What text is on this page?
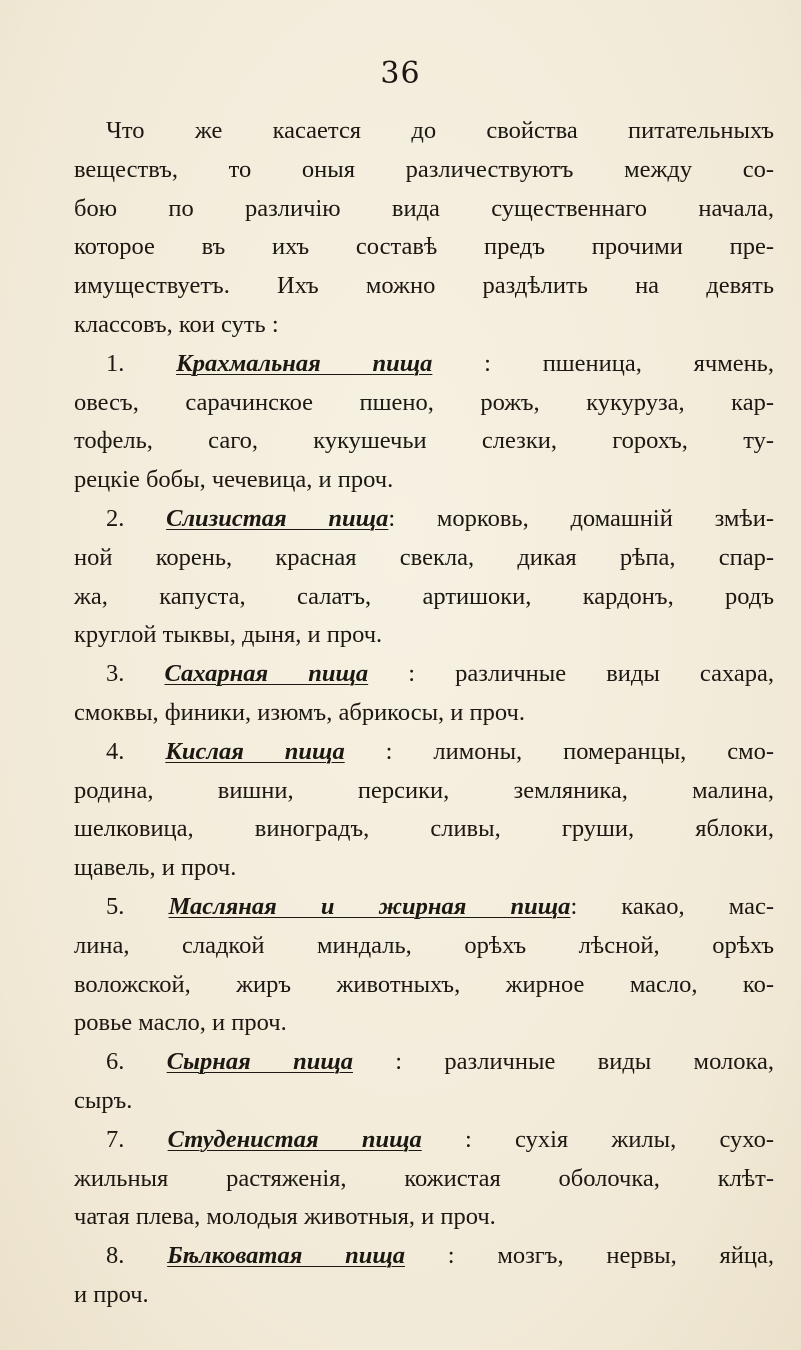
36
Что же касается до свойства питательныхъ
веществъ, то оныя различествуютъ между со-
бою по различiю вида существеннаго начала,
которое въ ихъ составѣ предъ прочими пре-
имуществуетъ. Ихъ можно раздѣлить на девять
классовъ, кои суть :
1. Крахмальная пища : пшеница, ячмень,
овесъ, сарачинское пшено, рожъ, кукуруза, кар-
тофель, саго, кукушечьи слезки, горохъ, ту-
рецкiе бобы, чечевица, и проч.
2. Слизистая пища: морковь, домашнiй змѣи-
ной корень, красная свекла, дикая рѣпа, спар-
жа, капуста, салатъ, артишоки, кардонъ, родъ
круглой тыквы, дыня, и проч.
3. Сахарная пища : различные виды сахара,
смоквы, финики, изюмъ, абрикосы, и проч.
4. Кислая пища : лимоны, померанцы, смо-
родина, вишни, персики, земляника, малина,
шелковица, виноградъ, сливы, груши, яблоки,
щавель, и проч.
5. Масляная и жирная пища: какао, мас-
лина, сладкой миндаль, орѣхъ лѣсной, орѣхъ
воложской, жиръ животныхъ, жирное масло, ко-
ровье масло, и проч.
6. Сырная пища : различные виды молока,
сыръ.
7. Студенистая пища : сухiя жилы, сухо-
жильныя растяженiя, кожистая оболочка, клѣт-
чатая плева, молодыя животныя, и проч.
8. Бѣлковатая пища : мозгъ, нервы, яйца,
и проч.
